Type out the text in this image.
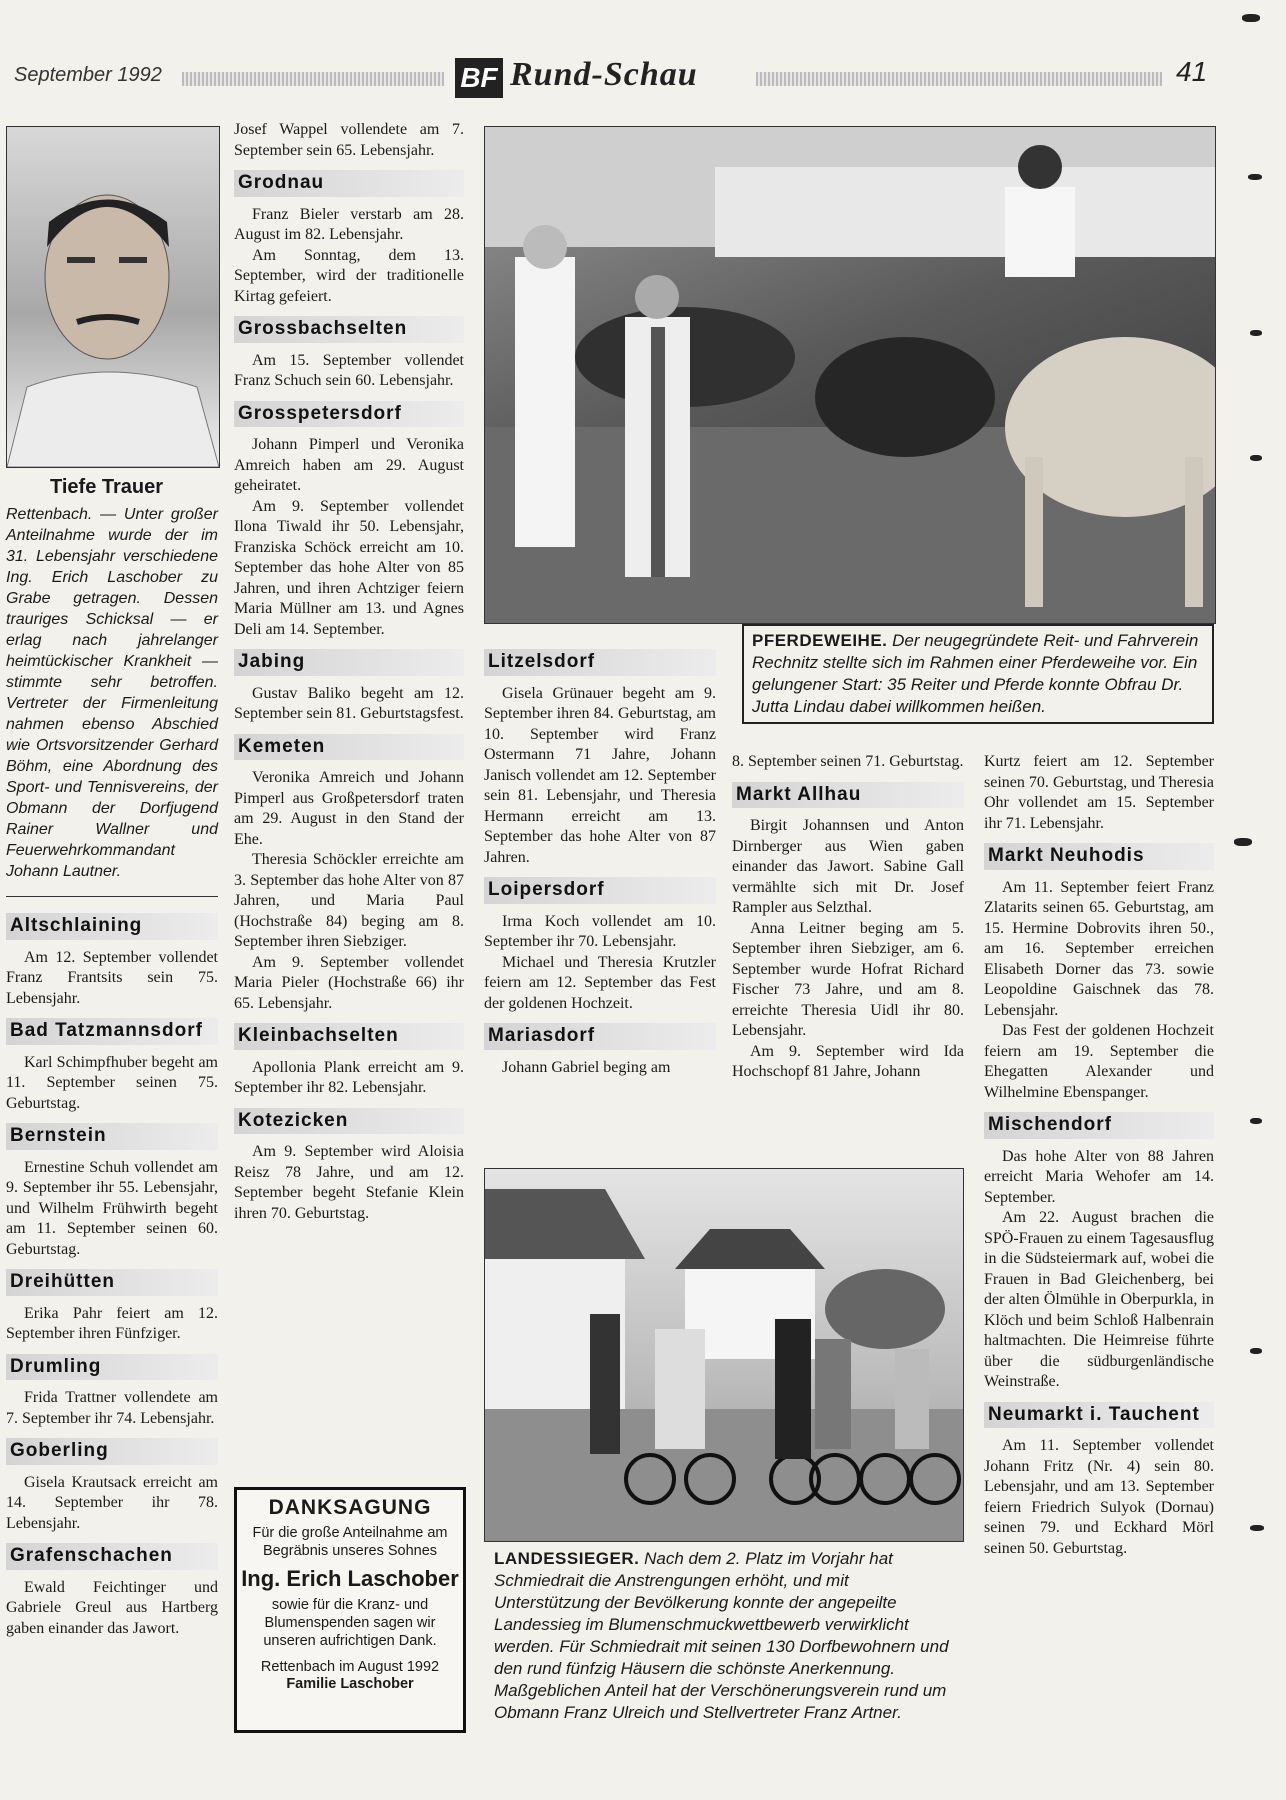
September 1992	BF Rund-Schau	41
Tiefe Trauer
Rettenbach. — Unter großer Anteilnahme wurde der im 31. Lebensjahr verschiedene Ing. Erich Laschober zu Grabe getragen. Dessen trauriges Schicksal — er erlag nach jahrelanger heimtückischer Krankheit — stimmte sehr betroffen. Vertreter der Firmenleitung nahmen ebenso Abschied wie Ortsvorsitzender Gerhard Böhm, eine Abordnung des Sport- und Tennisvereins, der Obmann der Dorfjugend Rainer Wallner und Feuerwehrkommandant Johann Lautner.
Altschlaining

Am 12. September vollendet Franz Frantsits sein 75. Lebensjahr.

Bad Tatzmannsdorf

Karl Schimpfhuber begeht am 11. September seinen 75. Geburtstag.

Bernstein

Ernestine Schuh vollendet am 9. September ihr 55. Lebensjahr, und Wilhelm Frühwirth begeht am 11. September seinen 60. Geburtstag.

Dreihütten

Erika Pahr feiert am 12. September ihren Fünfziger.

Drumling

Frida Trattner vollendete am 7. September ihr 74. Lebensjahr.

Goberling

Gisela Krautsack erreicht am 14. September ihr 78. Lebensjahr.

Grafenschachen

Ewald Feichtinger und Gabriele Greul aus Hartberg gaben einander das Jawort.

Josef Wappel vollendete am 7. September sein 65. Lebensjahr.

Grodnau

Franz Bieler verstarb am 28. August im 82. Lebensjahr.

Am Sonntag, dem 13. September, wird der traditionelle Kirtag gefeiert.

Grossbachselten

Am 15. September vollendet Franz Schuch sein 60. Lebensjahr.

Grosspetersdorf

Johann Pimperl und Veronika Amreich haben am 29. August geheiratet.

Am 9. September vollendet Ilona Tiwald ihr 50. Lebensjahr, Franziska Schöck erreicht am 10. September das hohe Alter von 85 Jahren, und ihren Achtziger feiern Maria Müllner am 13. und Agnes Deli am 14. September.

Jabing

Gustav Baliko begeht am 12. September sein 81. Geburtstagsfest.

Kemeten

Veronika Amreich und Johann Pimperl aus Großpetersdorf traten am 29. August in den Stand der Ehe.

Theresia Schöckler erreichte am 3. September das hohe Alter von 87 Jahren, und Maria Paul (Hochstraße 84) beging am 8. September ihren Siebziger.

Am 9. September vollendet Maria Pieler (Hochstraße 66) ihr 65. Lebensjahr.

Kleinbachselten

Apollonia Plank erreicht am 9. September ihr 82. Lebensjahr.

Kotezicken

Am 9. September wird Aloisia Reisz 78 Jahre, und am 12. September begeht Stefanie Klein ihren 70. Geburtstag.

DANKSAGUNG
Für die große Anteilnahme am Begräbnis unseres Sohnes
Ing. Erich Laschober
sowie für die Kranz- und Blumenspenden sagen wir unseren aufrichtigen Dank.
Rettenbach im August 1992
Familie Laschober
PFERDEWEIHE. Der neugegründete Reit- und Fahrverein Rechnitz stellte sich im Rahmen einer Pferdeweihe vor. Ein gelungener Start: 35 Reiter und Pferde konnte Obfrau Dr. Jutta Lindau dabei willkommen heißen.
Litzelsdorf

Gisela Grünauer begeht am 9. September ihren 84. Geburtstag, am 10. September wird Franz Ostermann 71 Jahre, Johann Janisch vollendet am 12. September sein 81. Lebensjahr, und Theresia Hermann erreicht am 13. September das hohe Alter von 87 Jahren.

Loipersdorf

Irma Koch vollendet am 10. September ihr 70. Lebensjahr.

Michael und Theresia Krutzler feiern am 12. September das Fest der goldenen Hochzeit.

Mariasdorf

Johann Gabriel beging am

8. September seinen 71. Geburtstag.

Markt Allhau

Birgit Johannsen und Anton Dirnberger aus Wien gaben einander das Jawort. Sabine Gall vermählte sich mit Dr. Josef Rampler aus Selzthal.

Anna Leitner beging am 5. September ihren Siebziger, am 6. September wurde Hofrat Richard Fischer 73 Jahre, und am 8. erreichte Theresia Uidl ihr 80. Lebensjahr.

Am 9. September wird Ida Hochschopf 81 Jahre, Johann

Kurtz feiert am 12. September seinen 70. Geburtstag, und Theresia Ohr vollendet am 15. September ihr 71. Lebensjahr.

Markt Neuhodis

Am 11. September feiert Franz Zlatarits seinen 65. Geburtstag, am 15. Hermine Dobrovits ihren 50., am 16. September erreichen Elisabeth Dorner das 73. sowie Leopoldine Gaischnek das 78. Lebensjahr.

Das Fest der goldenen Hochzeit feiern am 19. September die Ehegatten Alexander und Wilhelmine Ebenspanger.

Mischendorf

Das hohe Alter von 88 Jahren erreicht Maria Wehofer am 14. September.

Am 22. August brachen die SPÖ-Frauen zu einem Tagesausflug in die Südsteiermark auf, wobei die Frauen in Bad Gleichenberg, bei der alten Ölmühle in Oberpurkla, in Klöch und beim Schloß Halbenrain haltmachten. Die Heimreise führte über die südburgenländische Weinstraße.

Neumarkt i. Tauchent

Am 11. September vollendet Johann Fritz (Nr. 4) sein 80. Lebensjahr, und am 13. September feiern Friedrich Sulyok (Dornau) seinen 79. und Eckhard Mörl seinen 50. Geburtstag.

LANDESSIEGER. Nach dem 2. Platz im Vorjahr hat Schmiedrait die Anstrengungen erhöht, und mit Unterstützung der Bevölkerung konnte der angepeilte Landessieg im Blumenschmuckwettbewerb verwirklicht werden. Für Schmiedrait mit seinen 130 Dorfbewohnern und den rund fünfzig Häusern die schönste Anerkennung. Maßgeblichen Anteil hat der Verschönerungsverein rund um Obmann Franz Ulreich und Stellvertreter Franz Artner.
